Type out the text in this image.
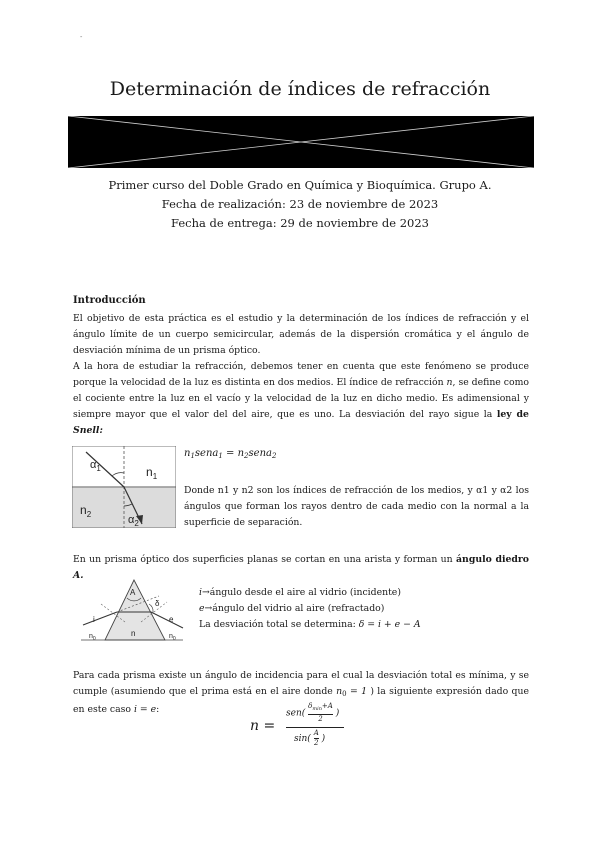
-
Determinación de índices de refracción
Primer curso del Doble Grado en Química y Bioquímica. Grupo A.
Fecha de realización: 23 de noviembre de 2023
Fecha de entrega: 29 de noviembre de 2023
Introducción
El objetivo de esta práctica es el estudio y la determinación de los índices de refracción y el ángulo límite de un cuerpo semicircular, además de la dispersión cromática y el ángulo de desviación mínima de un prisma óptico.
A la hora de estudiar la refracción, debemos tener en cuenta que este fenómeno se produce porque la velocidad de la luz es distinta en dos medios. El índice de refracción n, se define como el cociente entre la luz en el vacío y la velocidad de la luz en dicho medio. Es adimensional y siempre mayor que el valor del del aire, que es uno. La desviación del rayo sigue la ley de Snell:
$\alpha_1$	$n_1$
$n_2$	$\alpha_2$
$n_1sena_1$ = $n_2sena_2$
Donde n1 y n2 son los índices de refracción de los medios, y α1 y α2 los ángulos que forman los rayos dentro de cada medio con la normal a la superficie de separación.
En un prisma óptico dos superficies planas se cortan en una arista y forman un ángulo diedro A.
A
δ
i	e
n
$n_0$	$n_0$
i→ángulo desde el aire al vidrio (incidente)
e→ángulo del vidrio al aire (refractado)
La desviación total se determina: δ = i + e − A
Para cada prisma existe un ángulo de incidencia para el cual la desviación total es mínima, y se cumple (asumiendo que el prima está en el aire donde $n_0 = 1$ ) la siguiente expresión dado que en este caso i = e:
n =
sen(
$\delta_{min}+A$
2
)
$\sin( \frac{A}{2}$ )
